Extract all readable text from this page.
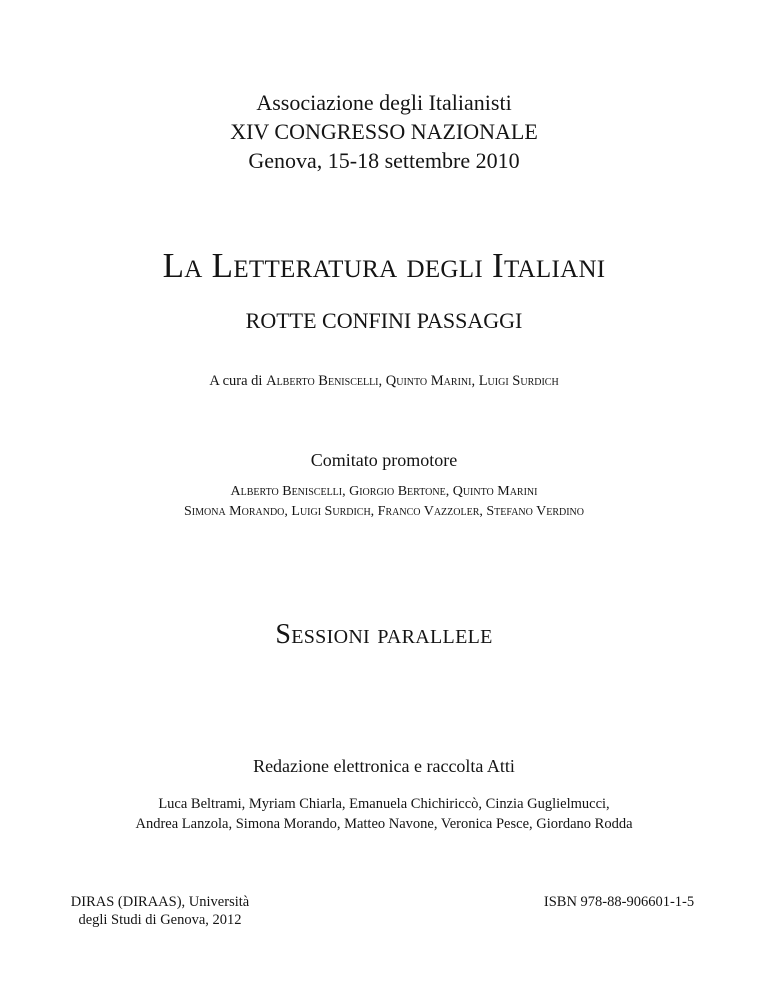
Associazione degli Italianisti
XIV CONGRESSO NAZIONALE
Genova, 15-18 settembre 2010
La Letteratura degli Italiani
ROTTE CONFINI PASSAGGI
A cura di Alberto Beniscelli, Quinto Marini, Luigi Surdich
Comitato promotore
Alberto Beniscelli, Giorgio Bertone, Quinto Marini
Simona Morando, Luigi Surdich, Franco Vazzoler, Stefano Verdino
Sessioni parallele
Redazione elettronica e raccolta Atti
Luca Beltrami, Myriam Chiarla, Emanuela Chichiriccò, Cinzia Guglielmucci,
Andrea Lanzola, Simona Morando, Matteo Navone, Veronica Pesce, Giordano Rodda
DIRAS (DIRAAS), Università
degli Studi di Genova, 2012
ISBN 978-88-906601-1-5
